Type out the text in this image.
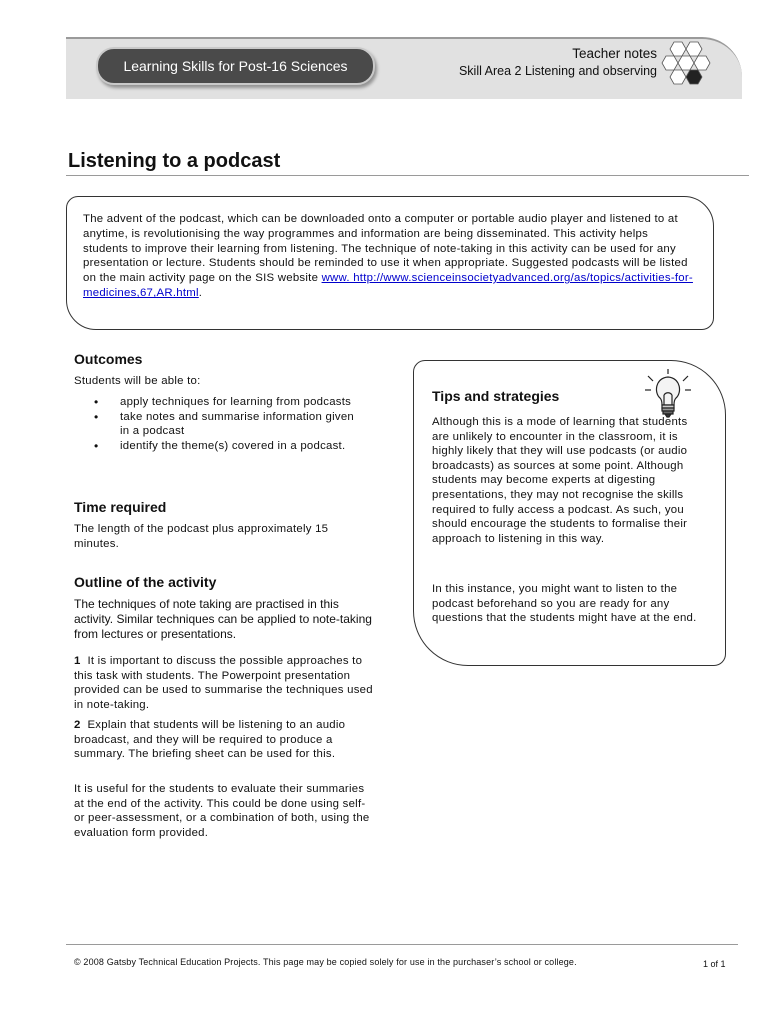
Learning Skills for Post-16 Sciences
Teacher notes
Skill Area 2 Listening and observing
Listening to a podcast
The advent of the podcast, which can be downloaded onto a computer or portable audio player and listened to at anytime, is revolutionising the way programmes and information are being disseminated. This activity helps students to improve their learning from listening. The technique of note-taking in this activity can be used for any presentation or lecture. Students should be reminded to use it when appropriate. Suggested podcasts will be listed on the main activity page on the SIS website www. http://www.scienceinsocietyadvanced.org/as/topics/activities-for-medicines,67,AR.html.
Outcomes
Students will be able to:
• apply techniques for learning from podcasts
• take notes and summarise information given in a podcast
• identify the theme(s) covered in a podcast.
Time required
The length of the podcast plus approximately 15 minutes.
Outline of the activity
The techniques of note taking are practised in this activity. Similar techniques can be applied to note-taking from lectures or presentations.
1 It is important to discuss the possible approaches to this task with students. The Powerpoint presentation provided can be used to summarise the techniques used in note-taking.
2 Explain that students will be listening to an audio broadcast, and they will be required to produce a summary. The briefing sheet can be used for this.
It is useful for the students to evaluate their summaries at the end of the activity. This could be done using self- or peer-assessment, or a combination of both, using the evaluation form provided.
Tips and strategies
Although this is a mode of learning that students are unlikely to encounter in the classroom, it is highly likely that they will use podcasts (or audio broadcasts) as sources at some point. Although students may become experts at digesting presentations, they may not recognise the skills required to fully access a podcast. As such, you should encourage the students to formalise their approach to listening in this way.
In this instance, you might want to listen to the podcast beforehand so you are ready for any questions that the students might have at the end.
© 2008 Gatsby Technical Education Projects. This page may be copied solely for use in the purchaser’s school or college.	1 of 1
